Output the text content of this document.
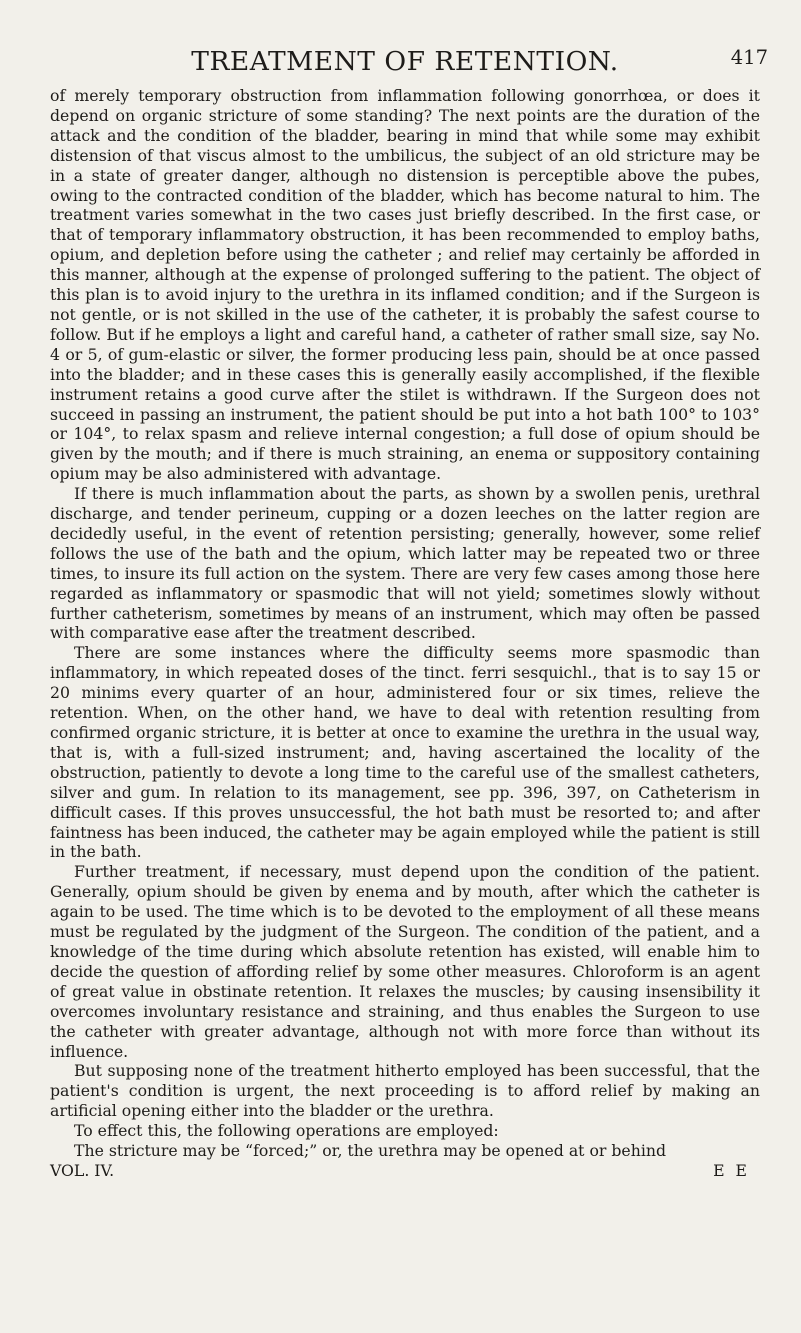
TREATMENT OF RETENTION.	417

of merely temporary obstruction from inflammation following gonorrhœa, or does it depend on organic stricture of some standing? The next points are the duration of the attack and the condition of the bladder, bearing in mind that while some may exhibit distension of that viscus almost to the umbilicus, the subject of an old stricture may be in a state of greater danger, although no distension is perceptible above the pubes, owing to the contracted condition of the bladder, which has become natural to him. The treatment varies somewhat in the two cases just briefly described. In the first case, or that of temporary inflammatory obstruction, it has been recommended to employ baths, opium, and depletion before using the catheter ; and relief may certainly be afforded in this manner, although at the expense of prolonged suffering to the patient. The object of this plan is to avoid injury to the urethra in its inflamed condition; and if the Surgeon is not gentle, or is not skilled in the use of the catheter, it is probably the safest course to follow. But if he employs a light and careful hand, a catheter of rather small size, say No. 4 or 5, of gum-elastic or silver, the former producing less pain, should be at once passed into the bladder; and in these cases this is generally easily accomplished, if the flexible instrument retains a good curve after the stilet is withdrawn. If the Surgeon does not succeed in passing an instrument, the patient should be put into a hot bath 100° to 103° or 104°, to relax spasm and relieve internal congestion; a full dose of opium should be given by the mouth; and if there is much straining, an enema or suppository containing opium may be also administered with advantage.

If there is much inflammation about the parts, as shown by a swollen penis, urethral discharge, and tender perineum, cupping or a dozen leeches on the latter region are decidedly useful, in the event of retention persisting; generally, however, some relief follows the use of the bath and the opium, which latter may be repeated two or three times, to insure its full action on the system. There are very few cases among those here regarded as inflammatory or spasmodic that will not yield; sometimes slowly without further catheterism, sometimes by means of an instrument, which may often be passed with comparative ease after the treatment described.

There are some instances where the difficulty seems more spasmodic than inflammatory, in which repeated doses of the tinct. ferri sesquichl., that is to say 15 or 20 minims every quarter of an hour, administered four or six times, relieve the retention. When, on the other hand, we have to deal with retention resulting from confirmed organic stricture, it is better at once to examine the urethra in the usual way, that is, with a full-sized instrument; and, having ascertained the locality of the obstruction, patiently to devote a long time to the careful use of the smallest catheters, silver and gum. In relation to its management, see pp. 396, 397, on Catheterism in difficult cases. If this proves unsuccessful, the hot bath must be resorted to; and after faintness has been induced, the catheter may be again employed while the patient is still in the bath.

Further treatment, if necessary, must depend upon the condition of the patient. Generally, opium should be given by enema and by mouth, after which the catheter is again to be used. The time which is to be devoted to the employment of all these means must be regulated by the judgment of the Surgeon. The condition of the patient, and a knowledge of the time during which absolute retention has existed, will enable him to decide the question of affording relief by some other measures. Chloroform is an agent of great value in obstinate retention. It relaxes the muscles; by causing insensibility it overcomes involuntary resistance and straining, and thus enables the Surgeon to use the catheter with greater advantage, although not with more force than without its influence.

But supposing none of the treatment hitherto employed has been successful, that the patient's condition is urgent, the next proceeding is to afford relief by making an artificial opening either into the bladder or the urethra.

To effect this, the following operations are employed:

The stricture may be “forced;” or, the urethra may be opened at or behind

VOL. IV.	E E
